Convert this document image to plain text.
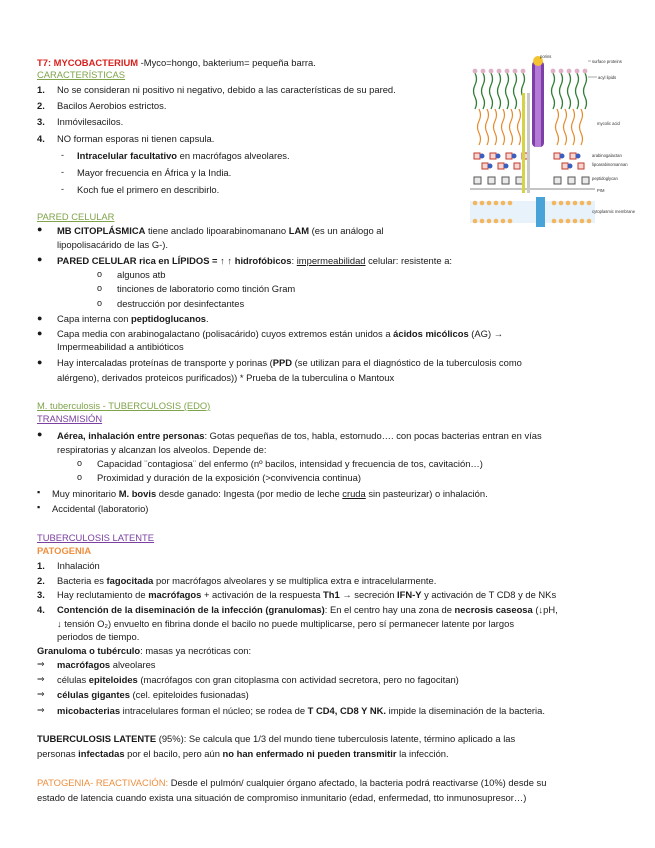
T7: MYCOBACTERIUM -Myco=hongo, bakterium= pequeña barra.
CARACTERÍSTICAS
1. No se consideran ni positivo ni negativo, debido a las características de su pared.
2. Bacilos Aerobios estrictos.
3. Inmóvilesacilos.
4. NO forman esporas ni tienen capsula.
- Intracelular facultativo en macrófagos alveolares.
- Mayor frecuencia en África y la India.
- Koch fue el primero en describirlo.
porins
surface proteins
acyl lipids
mycolic acid
arabinogalactan
lipoarabinomannan
peptidoglycan
PIM
cytoplasmic membrane
PARED CELULAR
● MB CITOPLÁSMICA tiene anclado lipoarabinomanano LAM (es un análogo al
lipopolisacárido de las G-).
● PARED CELULAR rica en LÍPIDOS = ↑ ↑ hidrofóbicos: impermeabilidad celular: resistente a:
o algunos atb
o tinciones de laboratorio como tinción Gram
o destrucción por desinfectantes
● Capa interna con peptidoglucanos.
● Capa media con arabinogalactano (polisacárido) cuyos extremos están unidos a ácidos micólicos (AG) →
Impermeabilidad a antibióticos
● Hay intercaladas proteínas de transporte y porinas (PPD (se utilizan para el diagnóstico de la tuberculosis como
alérgeno), derivados proteicos purificados)) * Prueba de la tuberculina o Mantoux
M. tuberculosis - TUBERCULOSIS (EDO)
TRANSMISIÓN
● Aérea, inhalación entre personas: Gotas pequeñas de tos, habla, estornudo…. con pocas bacterias entran en vías
respiratorias y alcanzan los alveolos. Depende de:
o Capacidad ¨contagiosa¨ del enfermo (nº bacilos, intensidad y frecuencia de tos, cavitación…)
o Proximidad y duración de la exposición (>convivencia continua)
▪ Muy minoritario M. bovis desde ganado: Ingesta (por medio de leche cruda sin pasteurizar) o inhalación.
▪ Accidental (laboratorio)
TUBERCULOSIS LATENTE
PATOGENIA
1. Inhalación
2. Bacteria es fagocitada por macrófagos alveolares y se multiplica extra e intracelularmente.
3. Hay reclutamiento de macrófagos + activación de la respuesta Th1 → secreción IFN-Y y activación de T CD8 y de NKs
4. Contención de la diseminación de la infección (granulomas): En el centro hay una zona de necrosis caseosa (↓pH,
↓ tensión O₂) envuelto en fibrina donde el bacilo no puede multiplicarse, pero sí permanecer latente por largos
periodos de tiempo.
Granuloma o tubérculo: masas ya necróticas con:
⇒ macrófagos alveolares
⇒ células epiteloides (macrófagos con gran citoplasma con actividad secretora, pero no fagocitan)
⇒ células gigantes (cel. epiteloides fusionadas)
⇒ micobacterias intracelulares forman el núcleo; se rodea de T CD4, CD8 Y NK. impide la diseminación de la bacteria.
TUBERCULOSIS LATENTE (95%): Se calcula que 1/3 del mundo tiene tuberculosis latente, término aplicado a las
personas infectadas por el bacilo, pero aún no han enfermado ni pueden transmitir la infección.
PATOGENIA- REACTIVACIÓN: Desde el pulmón/ cualquier órgano afectado, la bacteria podrá reactivarse (10%) desde su
estado de latencia cuando exista una situación de compromiso inmunitario (edad, enfermedad, tto inmunosupresor…)
